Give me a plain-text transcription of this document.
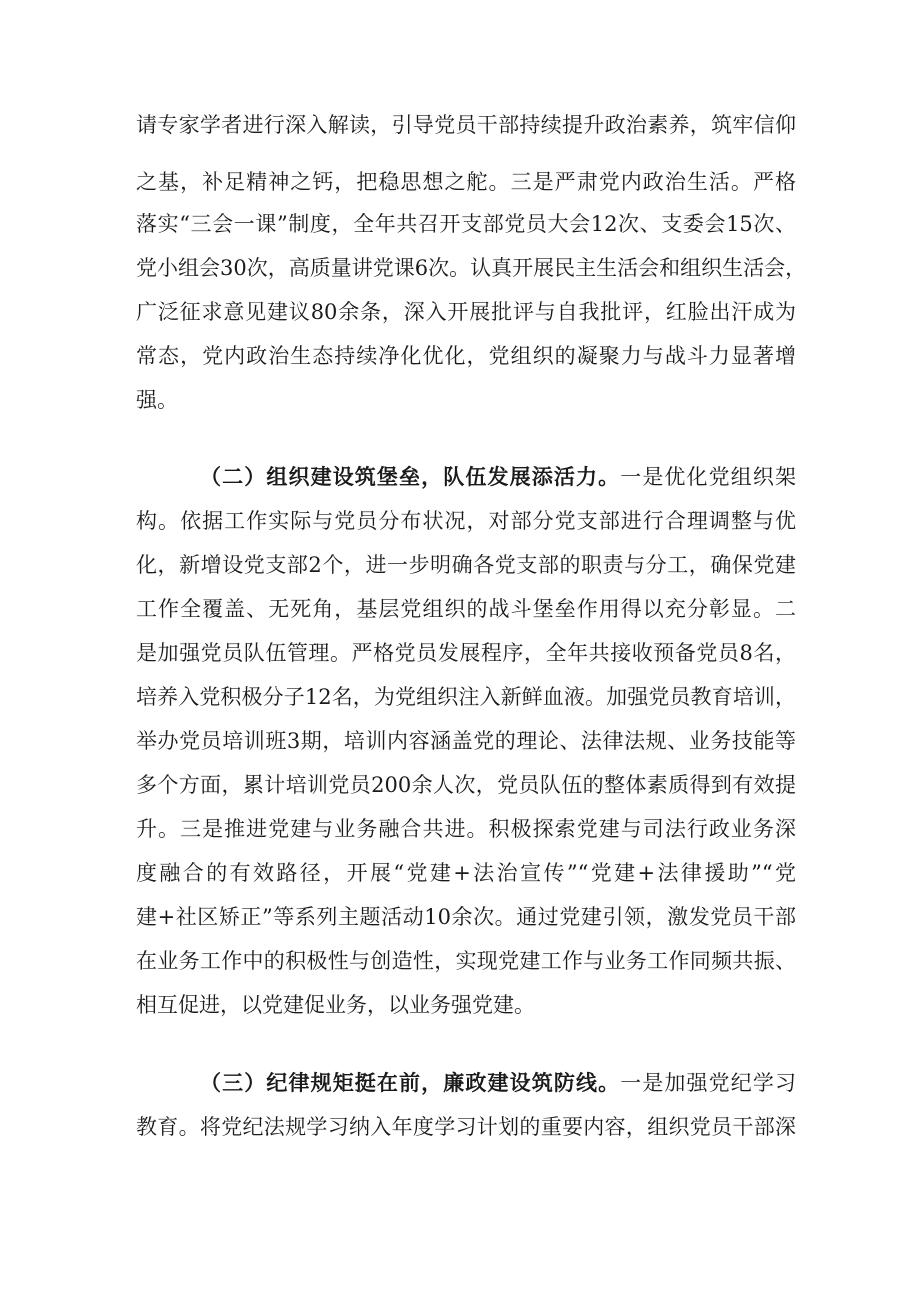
请专家学者进行深入解读，引导党员干部持续提升政治素养，筑牢信仰
之基，补足精神之钙，把稳思想之舵。三是严肃党内政治生活。严格
落实“三会一课”制度，全年共召开支部党员大会12次、支委会15次、
党小组会30次，高质量讲党课6次。认真开展民主生活会和组织生活会，
广泛征求意见建议80余条，深入开展批评与自我批评，红脸出汗成为
常态，党内政治生态持续净化优化，党组织的凝聚力与战斗力显著增
强。
（二）组织建设筑堡垒，队伍发展添活力。一是优化党组织架
构。依据工作实际与党员分布状况，对部分党支部进行合理调整与优
化，新增设党支部2个，进一步明确各党支部的职责与分工，确保党建
工作全覆盖、无死角，基层党组织的战斗堡垒作用得以充分彰显。二
是加强党员队伍管理。严格党员发展程序，全年共接收预备党员8名，
培养入党积极分子12名，为党组织注入新鲜血液。加强党员教育培训，
举办党员培训班3期，培训内容涵盖党的理论、法律法规、业务技能等
多个方面，累计培训党员200余人次，党员队伍的整体素质得到有效提
升。三是推进党建与业务融合共进。积极探索党建与司法行政业务深
度融合的有效路径，开展“党建+法治宣传”“党建+法律援助”“党
建+社区矫正”等系列主题活动10余次。通过党建引领，激发党员干部
在业务工作中的积极性与创造性，实现党建工作与业务工作同频共振、
相互促进，以党建促业务，以业务强党建。
（三）纪律规矩挺在前，廉政建设筑防线。一是加强党纪学习
教育。将党纪法规学习纳入年度学习计划的重要内容，组织党员干部深
